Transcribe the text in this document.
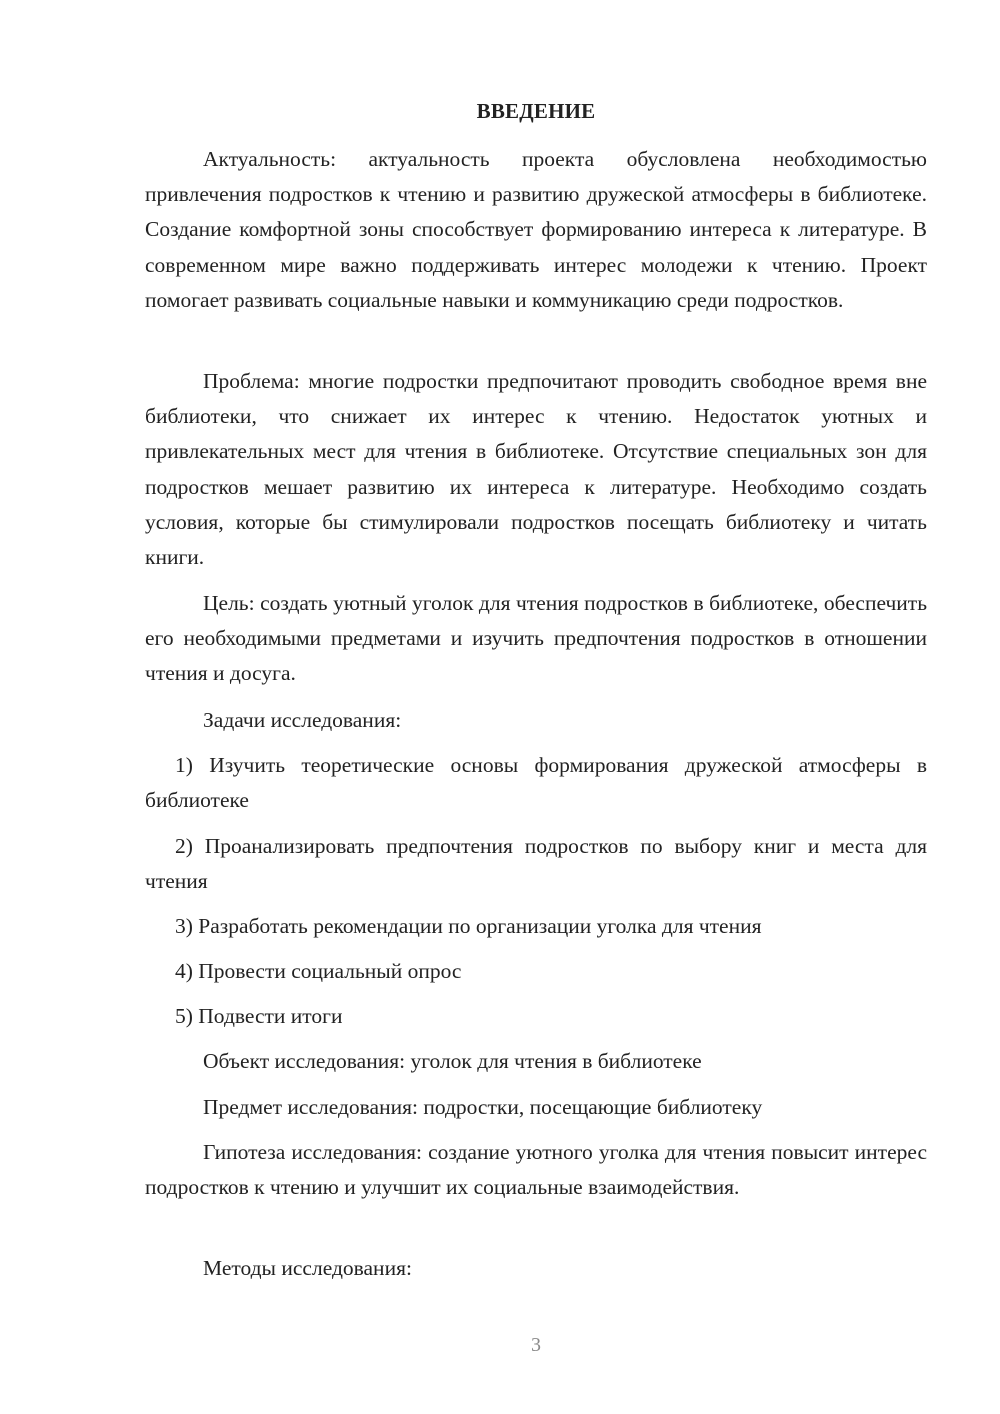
ВВЕДЕНИЕ

Актуальность: актуальность проекта обусловлена необходимостью привлечения подростков к чтению и развитию дружеской атмосферы в библиотеке. Создание комфортной зоны способствует формированию интереса к литературе. В современном мире важно поддерживать интерес молодежи к чтению. Проект помогает развивать социальные навыки и коммуникацию среди подростков.

Проблема: многие подростки предпочитают проводить свободное время вне библиотеки, что снижает их интерес к чтению. Недостаток уютных и привлекательных мест для чтения в библиотеке. Отсутствие специальных зон для подростков мешает развитию их интереса к литературе. Необходимо создать условия, которые бы стимулировали подростков посещать библиотеку и читать книги.

Цель: создать уютный уголок для чтения подростков в библиотеке, обеспечить его необходимыми предметами и изучить предпочтения подростков в отношении чтения и досуга.

Задачи исследования:

1) Изучить теоретические основы формирования дружеской атмосферы в библиотеке

2) Проанализировать предпочтения подростков по выбору книг и места для чтения

3) Разработать рекомендации по организации уголка для чтения

4) Провести социальный опрос

5) Подвести итоги

Объект исследования: уголок для чтения в библиотеке

Предмет исследования: подростки, посещающие библиотеку

Гипотеза исследования: создание уютного уголка для чтения повысит интерес подростков к чтению и улучшит их социальные взаимодействия.

Методы исследования:

3
